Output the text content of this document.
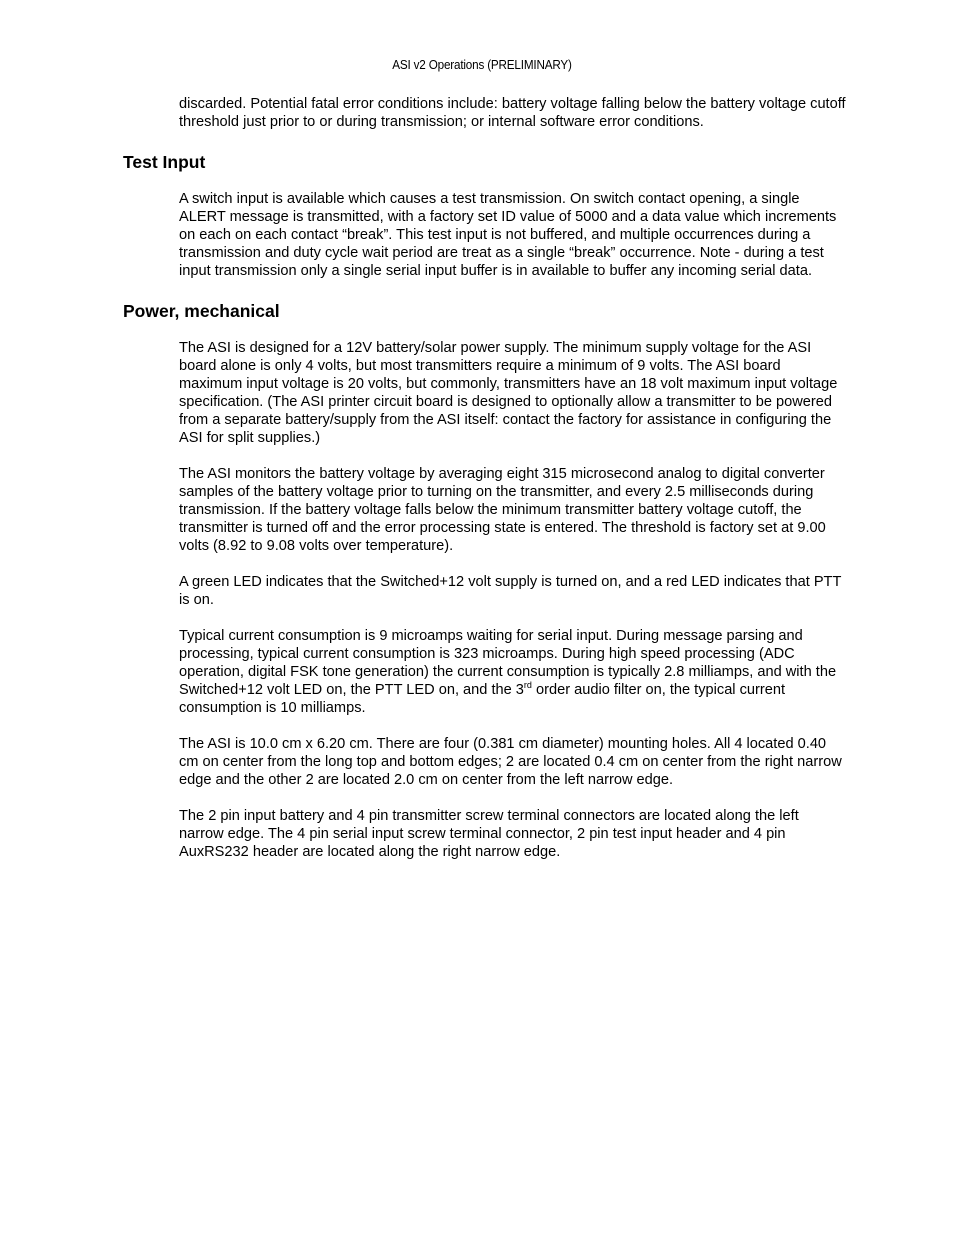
ASI v2 Operations (PRELIMINARY)

discarded. Potential fatal error conditions include: battery voltage falling below the battery voltage cutoff threshold just prior to or during transmission; or internal software error conditions.

Test Input

A switch input is available which causes a test transmission. On switch contact opening, a single ALERT message is transmitted, with a factory set ID value of 5000 and a data value which increments on each on each contact “break”. This test input is not buffered, and multiple occurrences during a transmission and duty cycle wait period are treat as a single “break” occurrence. Note - during a test input transmission only a single serial input buffer is in available to buffer any incoming serial data.

Power, mechanical

The ASI is designed for a 12V battery/solar power supply. The minimum supply voltage for the ASI board alone is only 4 volts, but most transmitters require a minimum of 9 volts. The ASI board maximum input voltage is 20 volts, but commonly, transmitters have an 18 volt maximum input voltage specification. (The ASI printer circuit board is designed to optionally allow a transmitter to be powered from a separate battery/supply from the ASI itself: contact the factory for assistance in configuring the ASI for split supplies.)

The ASI monitors the battery voltage by averaging eight 315 microsecond analog to digital converter samples of the battery voltage prior to turning on the transmitter, and every 2.5 milliseconds during transmission. If the battery voltage falls below the minimum transmitter battery voltage cutoff, the transmitter is turned off and the error processing state is entered. The threshold is factory set at 9.00 volts (8.92 to 9.08 volts over temperature).

A green LED indicates that the Switched+12 volt supply is turned on, and a red LED indicates that PTT is on.

Typical current consumption is 9 microamps waiting for serial input. During message parsing and processing, typical current consumption is 323 microamps. During high speed processing (ADC operation, digital FSK tone generation) the current consumption is typically 2.8 milliamps, and with the Switched+12 volt LED on, the PTT LED on, and the 3rd order audio filter on, the typical current consumption is 10 milliamps.

The ASI is 10.0 cm x 6.20 cm. There are four (0.381 cm diameter) mounting holes. All 4 located 0.40 cm on center from the long top and bottom edges; 2 are located 0.4 cm on center from the right narrow edge and the other 2 are located 2.0 cm on center from the left narrow edge.

The 2 pin input battery and 4 pin transmitter screw terminal connectors are located along the left narrow edge. The 4 pin serial input screw terminal connector, 2 pin test input header and 4 pin AuxRS232 header are located along the right narrow edge.
